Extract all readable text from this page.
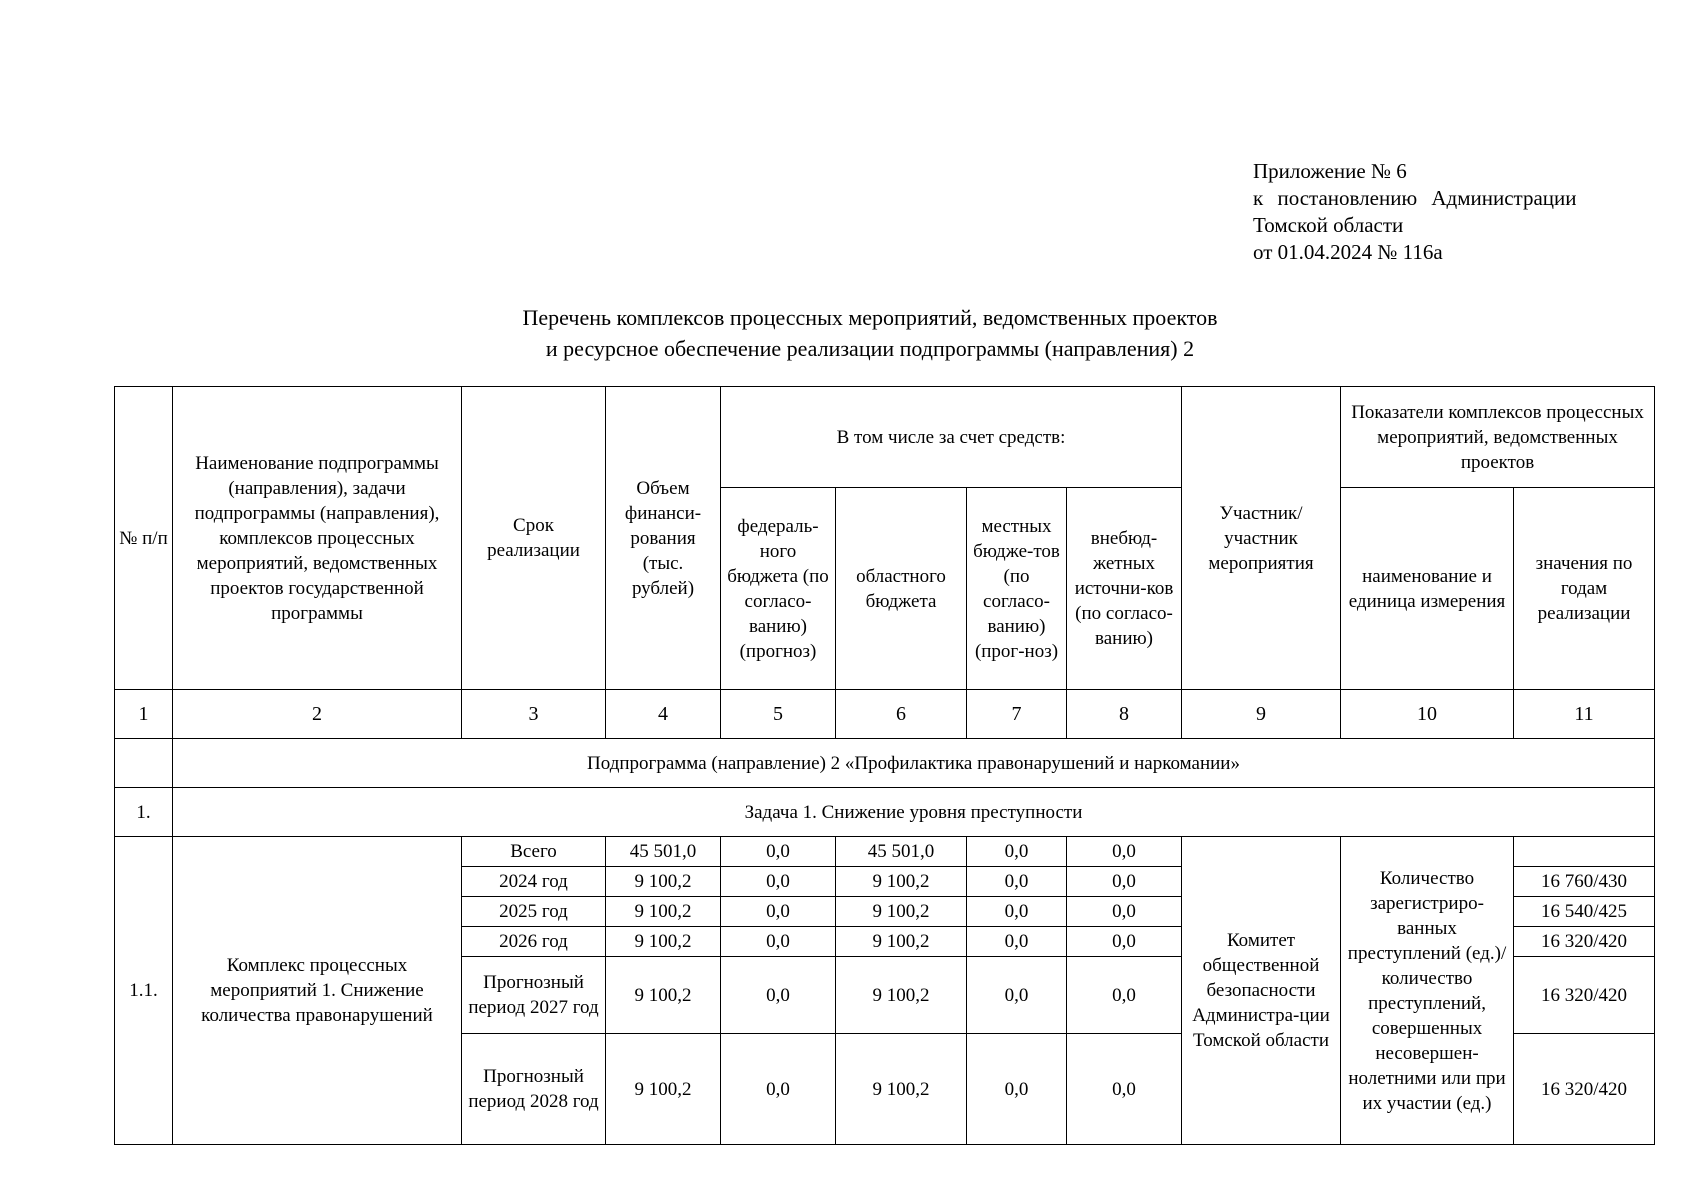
Приложение № 6
к постановлению Администрации
Томской области
от 01.04.2024 № 116а
Перечень комплексов процессных мероприятий, ведомственных проектов
и ресурсное обеспечение реализации подпрограммы (направления) 2
№ п/п	Наименование подпрограммы (направления), задачи подпрограммы (направления), комплексов процессных мероприятий, ведомственных проектов государственной программы	Срок реализации	Объем финанси-рования (тыс. рублей)	В том числе за счет средств:				Участник/ участник мероприятия	Показатели комплексов процессных мероприятий, ведомственных проектов	
				федераль-ного бюджета (по согласо-ванию) (прогноз)	областного бюджета	местных бюдже-тов (по согласо-ванию) (прог-ноз)	внебюд-жетных источни-ков (по согласо-ванию)		наименование и единица измерения	значения по годам реализации
1	2	3	4	5	6	7	8	9	10	11
	Подпрограмма (направление) 2 «Профилактика правонарушений и наркомании»									
1.	Задача 1. Снижение уровня преступности									
1.1.	Комплекс процессных мероприятий 1. Снижение количества правонарушений	Всего	45 501,0	0,0	45 501,0	0,0	0,0	Комитет общественной безопасности Администра-ции Томской области	Количество зарегистриро-ванных преступлений (ед.)/ количество преступлений, совершенных несовершен-нолетними или при их участии (ед.)	
		2024 год	9 100,2	0,0	9 100,2	0,0	0,0			16 760/430
		2025 год	9 100,2	0,0	9 100,2	0,0	0,0			16 540/425
		2026 год	9 100,2	0,0	9 100,2	0,0	0,0			16 320/420
		Прогнозный период 2027 год	9 100,2	0,0	9 100,2	0,0	0,0			16 320/420
		Прогнозный период 2028 год	9 100,2	0,0	9 100,2	0,0	0,0			16 320/420
